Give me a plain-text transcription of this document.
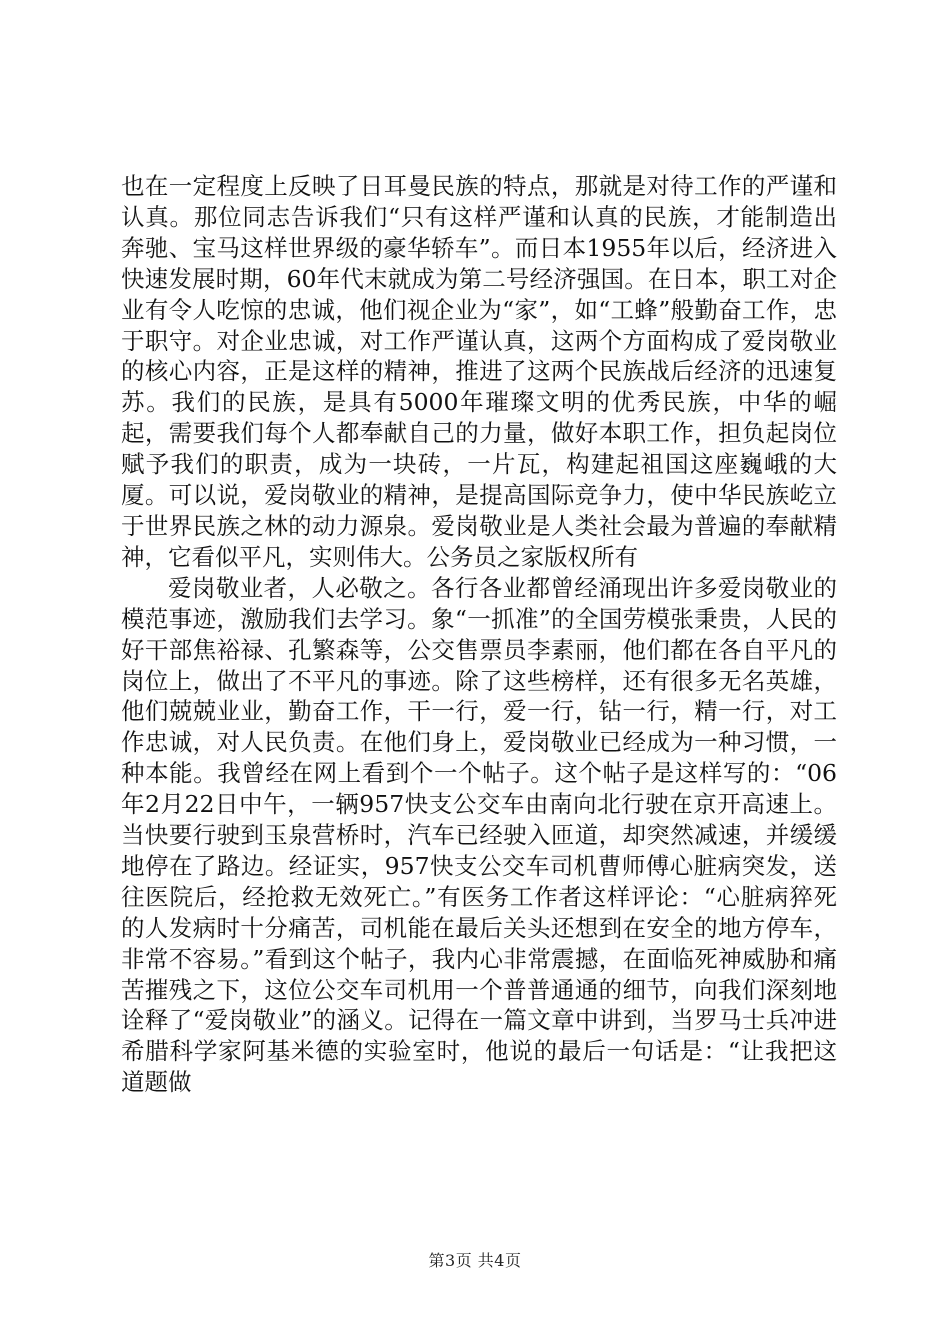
也在一定程度上反映了日耳曼民族的特点，那就是对待工作的严谨和认真。那位同志告诉我们“只有这样严谨和认真的民族，才能制造出奔驰、宝马这样世界级的豪华轿车”。而日本1955年以后，经济进入快速发展时期，60年代末就成为第二号经济强国。在日本，职工对企业有令人吃惊的忠诚，他们视企业为“家”，如“工蜂”般勤奋工作，忠于职守。对企业忠诚，对工作严谨认真，这两个方面构成了爱岗敬业的核心内容，正是这样的精神，推进了这两个民族战后经济的迅速复苏。我们的民族，是具有5000年璀璨文明的优秀民族，中华的崛起，需要我们每个人都奉献自己的力量，做好本职工作，担负起岗位赋予我们的职责，成为一块砖，一片瓦，构建起祖国这座巍峨的大厦。可以说，爱岗敬业的精神，是提高国际竞争力，使中华民族屹立于世界民族之林的动力源泉。爱岗敬业是人类社会最为普遍的奉献精神，它看似平凡，实则伟大。公务员之家版权所有

爱岗敬业者，人必敬之。各行各业都曾经涌现出许多爱岗敬业的模范事迹，激励我们去学习。象“一抓准”的全国劳模张秉贵，人民的好干部焦裕禄、孔繁森等，公交售票员李素丽，他们都在各自平凡的岗位上，做出了不平凡的事迹。除了这些榜样，还有很多无名英雄，他们兢兢业业，勤奋工作，干一行，爱一行，钻一行，精一行，对工作忠诚，对人民负责。在他们身上，爱岗敬业已经成为一种习惯，一种本能。我曾经在网上看到个一个帖子。这个帖子是这样写的：“06年2月22日中午，一辆957快支公交车由南向北行驶在京开高速上。当快要行驶到玉泉营桥时，汽车已经驶入匝道，却突然减速，并缓缓地停在了路边。经证实，957快支公交车司机曹师傅心脏病突发，送往医院后，经抢救无效死亡。”有医务工作者这样评论：“心脏病猝死的人发病时十分痛苦，司机能在最后关头还想到在安全的地方停车，非常不容易。”看到这个帖子，我内心非常震撼，在面临死神威胁和痛苦摧残之下，这位公交车司机用一个普普通通的细节，向我们深刻地诠释了“爱岗敬业”的涵义。记得在一篇文章中讲到，当罗马士兵冲进希腊科学家阿基米德的实验室时，他说的最后一句话是：“让我把这道题做

第3页 共4页
